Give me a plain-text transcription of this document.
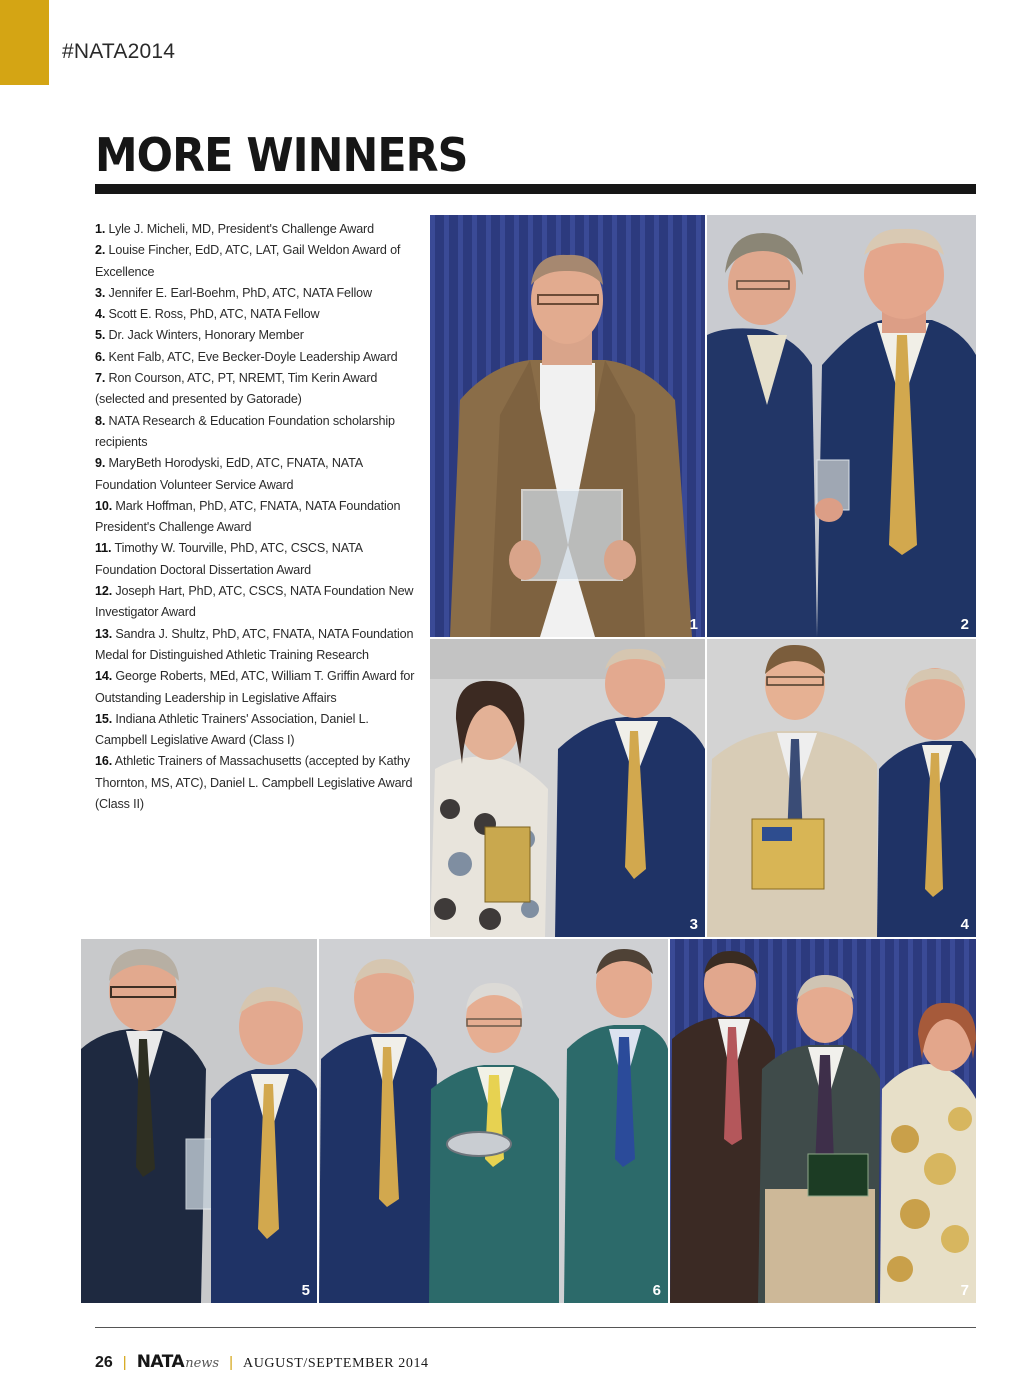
#NATA2014
MORE WINNERS
1. Lyle J. Micheli, MD, President's Challenge Award
2. Louise Fincher, EdD, ATC, LAT, Gail Weldon Award of Excellence
3. Jennifer E. Earl-Boehm, PhD, ATC, NATA Fellow
4. Scott E. Ross, PhD, ATC, NATA Fellow
5. Dr. Jack Winters, Honorary Member
6. Kent Falb, ATC, Eve Becker-Doyle Leadership Award
7. Ron Courson, ATC, PT, NREMT, Tim Kerin Award (selected and presented by Gatorade)
8. NATA Research & Education Foundation scholarship recipients
9. MaryBeth Horodyski, EdD, ATC, FNATA, NATA Foundation Volunteer Service Award
10. Mark Hoffman, PhD, ATC, FNATA, NATA Foundation President's Challenge Award
11. Timothy W. Tourville, PhD, ATC, CSCS, NATA Foundation Doctoral Dissertation Award
12. Joseph Hart, PhD, ATC, CSCS, NATA Foundation New Investigator Award
13. Sandra J. Shultz, PhD, ATC, FNATA, NATA Foundation Medal for Distinguished Athletic Training Research
14. George Roberts, MEd, ATC, William T. Griffin Award for Outstanding Leadership in Legislative Affairs
15. Indiana Athletic Trainers' Association, Daniel L. Campbell Legislative Award (Class I)
16. Athletic Trainers of Massachusetts (accepted by Kathy Thornton, MS, ATC), Daniel L. Campbell Legislative Award (Class II)
1	2
3	4
5	6	7
26 | NATA news | AUGUST/SEPTEMBER 2014
